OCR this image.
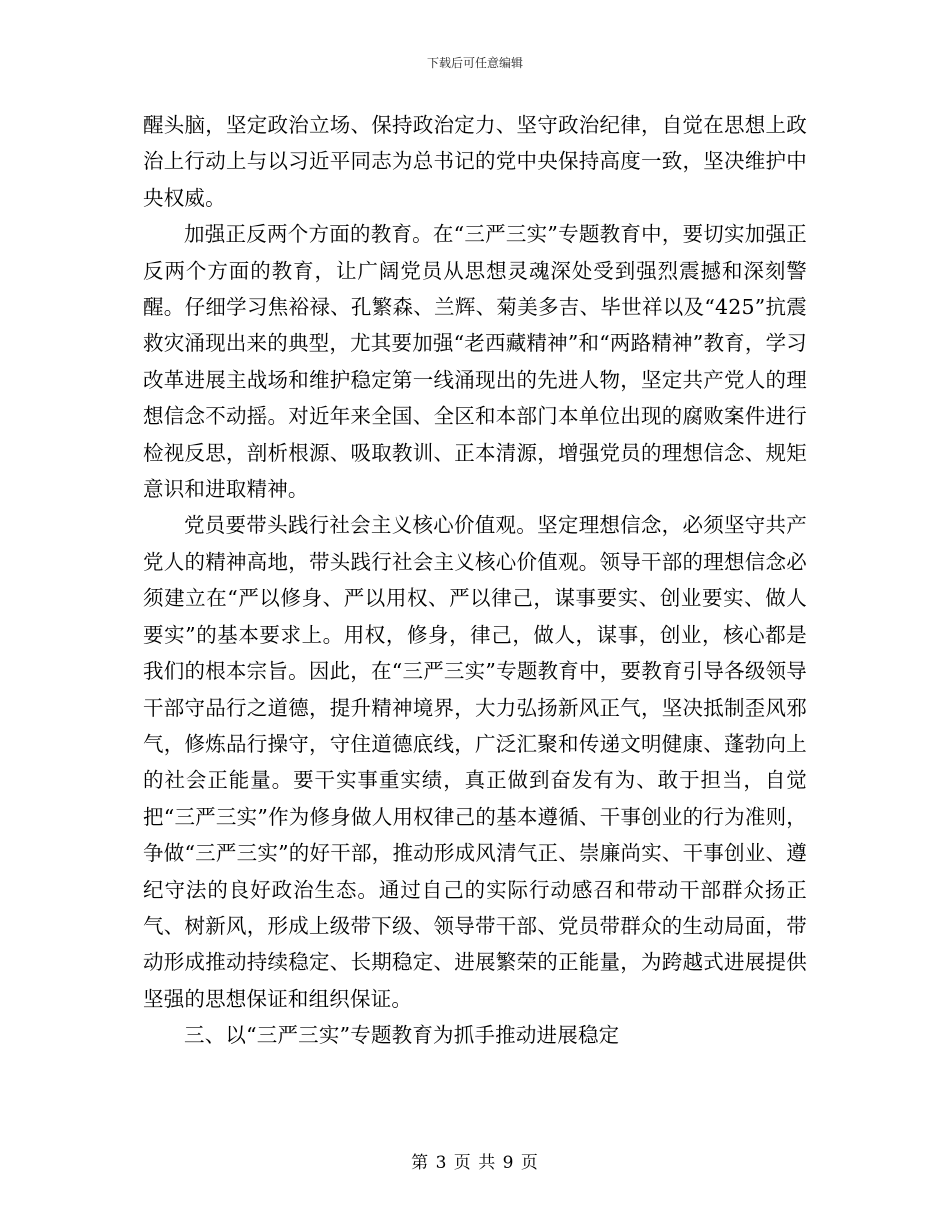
下载后可任意编辑

醒头脑，坚定政治立场、保持政治定力、坚守政治纪律，自觉在思想上政治上行动上与以习近平同志为总书记的党中央保持高度一致，坚决维护中央权威。

加强正反两个方面的教育。在“三严三实”专题教育中，要切实加强正反两个方面的教育，让广阔党员从思想灵魂深处受到强烈震撼和深刻警醒。仔细学习焦裕禄、孔繁森、兰辉、菊美多吉、毕世祥以及“425”抗震救灾涌现出来的典型，尤其要加强“老西藏精神”和“两路精神”教育，学习改革进展主战场和维护稳定第一线涌现出的先进人物，坚定共产党人的理想信念不动摇。对近年来全国、全区和本部门本单位出现的腐败案件进行检视反思，剖析根源、吸取教训、正本清源，增强党员的理想信念、规矩意识和进取精神。

党员要带头践行社会主义核心价值观。坚定理想信念，必须坚守共产党人的精神高地，带头践行社会主义核心价值观。领导干部的理想信念必须建立在“严以修身、严以用权、严以律己，谋事要实、创业要实、做人要实”的基本要求上。用权，修身，律己，做人，谋事，创业，核心都是我们的根本宗旨。因此，在“三严三实”专题教育中，要教育引导各级领导干部守品行之道德，提升精神境界，大力弘扬新风正气，坚决抵制歪风邪气，修炼品行操守，守住道德底线，广泛汇聚和传递文明健康、蓬勃向上的社会正能量。要干实事重实绩，真正做到奋发有为、敢于担当，自觉把“三严三实”作为修身做人用权律己的基本遵循、干事创业的行为准则，争做“三严三实”的好干部，推动形成风清气正、崇廉尚实、干事创业、遵纪守法的良好政治生态。通过自己的实际行动感召和带动干部群众扬正气、树新风，形成上级带下级、领导带干部、党员带群众的生动局面，带动形成推动持续稳定、长期稳定、进展繁荣的正能量，为跨越式进展提供坚强的思想保证和组织保证。

三、以“三严三实”专题教育为抓手推动进展稳定

第 3 页 共 9 页
